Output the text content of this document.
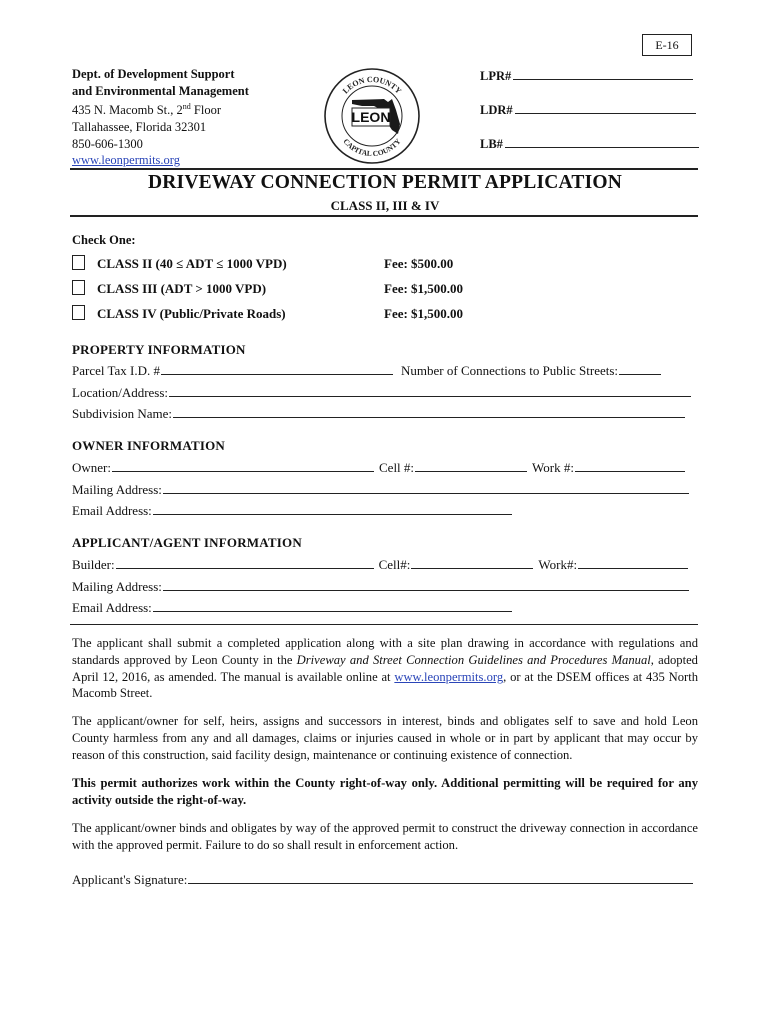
E-16
Dept. of Development Support
and Environmental Management
435 N. Macomb St., 2nd Floor
Tallahassee, Florida 32301
850-606-1300
www.leonpermits.org
LEON COUNTY
CAPITAL COUNTY
LEON
LPR#
LDR#
LB#
DRIVEWAY CONNECTION PERMIT APPLICATION
CLASS II, III & IV
Check One:
CLASS II (40 ≤ ADT ≤ 1000 VPD)	Fee: $500.00
CLASS III (ADT > 1000 VPD)	Fee: $1,500.00
CLASS IV (Public/Private Roads)	Fee: $1,500.00
PROPERTY INFORMATION
Parcel Tax I.D. #	Number of Connections to Public Streets:
Location/Address:
Subdivision Name:
OWNER INFORMATION
Owner:	Cell #:	Work #:
Mailing Address:
Email Address:
APPLICANT/AGENT INFORMATION
Builder:	Cell#:	Work#:
Mailing Address:
Email Address:
The applicant shall submit a completed application along with a site plan drawing in accordance with regulations and standards approved by Leon County in the Driveway and Street Connection Guidelines and Procedures Manual, adopted April 12, 2016, as amended. The manual is available online at www.leonpermits.org, or at the DSEM offices at 435 North Macomb Street.
The applicant/owner for self, heirs, assigns and successors in interest, binds and obligates self to save and hold Leon County harmless from any and all damages, claims or injuries caused in whole or in part by applicant that may occur by reason of this construction, said facility design, maintenance or continuing existence of connection.
This permit authorizes work within the County right-of-way only. Additional permitting will be required for any activity outside the right-of-way.
The applicant/owner binds and obligates by way of the approved permit to construct the driveway connection in accordance with the approved permit. Failure to do so shall result in enforcement action.
Applicant's Signature:
